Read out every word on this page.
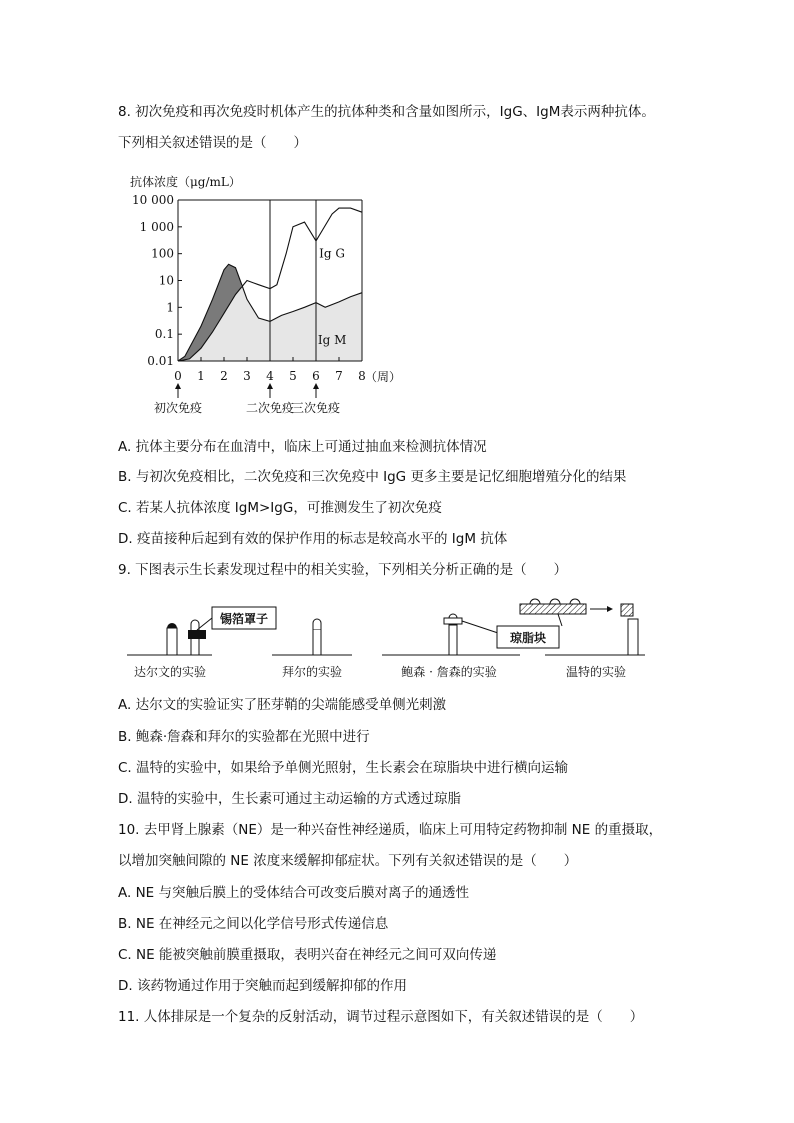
8. 初次免疫和再次免疫时机体产生的抗体种类和含量如图所示，IgG、IgM表示两种抗体。
下列相关叙述错误的是（　　）
抗体浓度（μg/mL）
Ig G
Ig M
0.01
0.1
1
10
100
1 000
10 000
0 1 2 3 4 5 6 7 8
初次免疫	二次免疫
三次免疫
（周）
A. 抗体主要分布在血清中，临床上可通过抽血来检测抗体情况
B. 与初次免疫相比，二次免疫和三次免疫中 IgG 更多主要是记忆细胞增殖分化的结果
C. 若某人抗体浓度 IgM>IgG，可推测发生了初次免疫
D. 疫苗接种后起到有效的保护作用的标志是较高水平的 IgM 抗体
9. 下图表示生长素发现过程中的相关实验，下列相关分析正确的是（　　）
锡箔罩子
达尔文的实验	拜尔的实验
琼脂块
鲍森 · 詹森的实验	温特的实验
A. 达尔文的实验证实了胚芽鞘的尖端能感受单侧光刺激
B. 鲍森·詹森和拜尔的实验都在光照中进行
C. 温特的实验中，如果给予单侧光照射，生长素会在琼脂块中进行横向运输
D. 温特的实验中，生长素可通过主动运输的方式透过琼脂
10. 去甲肾上腺素（NE）是一种兴奋性神经递质，临床上可用特定药物抑制 NE 的重摄取，
以增加突触间隙的 NE 浓度来缓解抑郁症状。下列有关叙述错误的是（　　）
A. NE 与突触后膜上的受体结合可改变后膜对离子的通透性
B. NE 在神经元之间以化学信号形式传递信息
C. NE 能被突触前膜重摄取，表明兴奋在神经元之间可双向传递
D. 该药物通过作用于突触而起到缓解抑郁的作用
11. 人体排尿是一个复杂的反射活动，调节过程示意图如下，有关叙述错误的是（　　）
